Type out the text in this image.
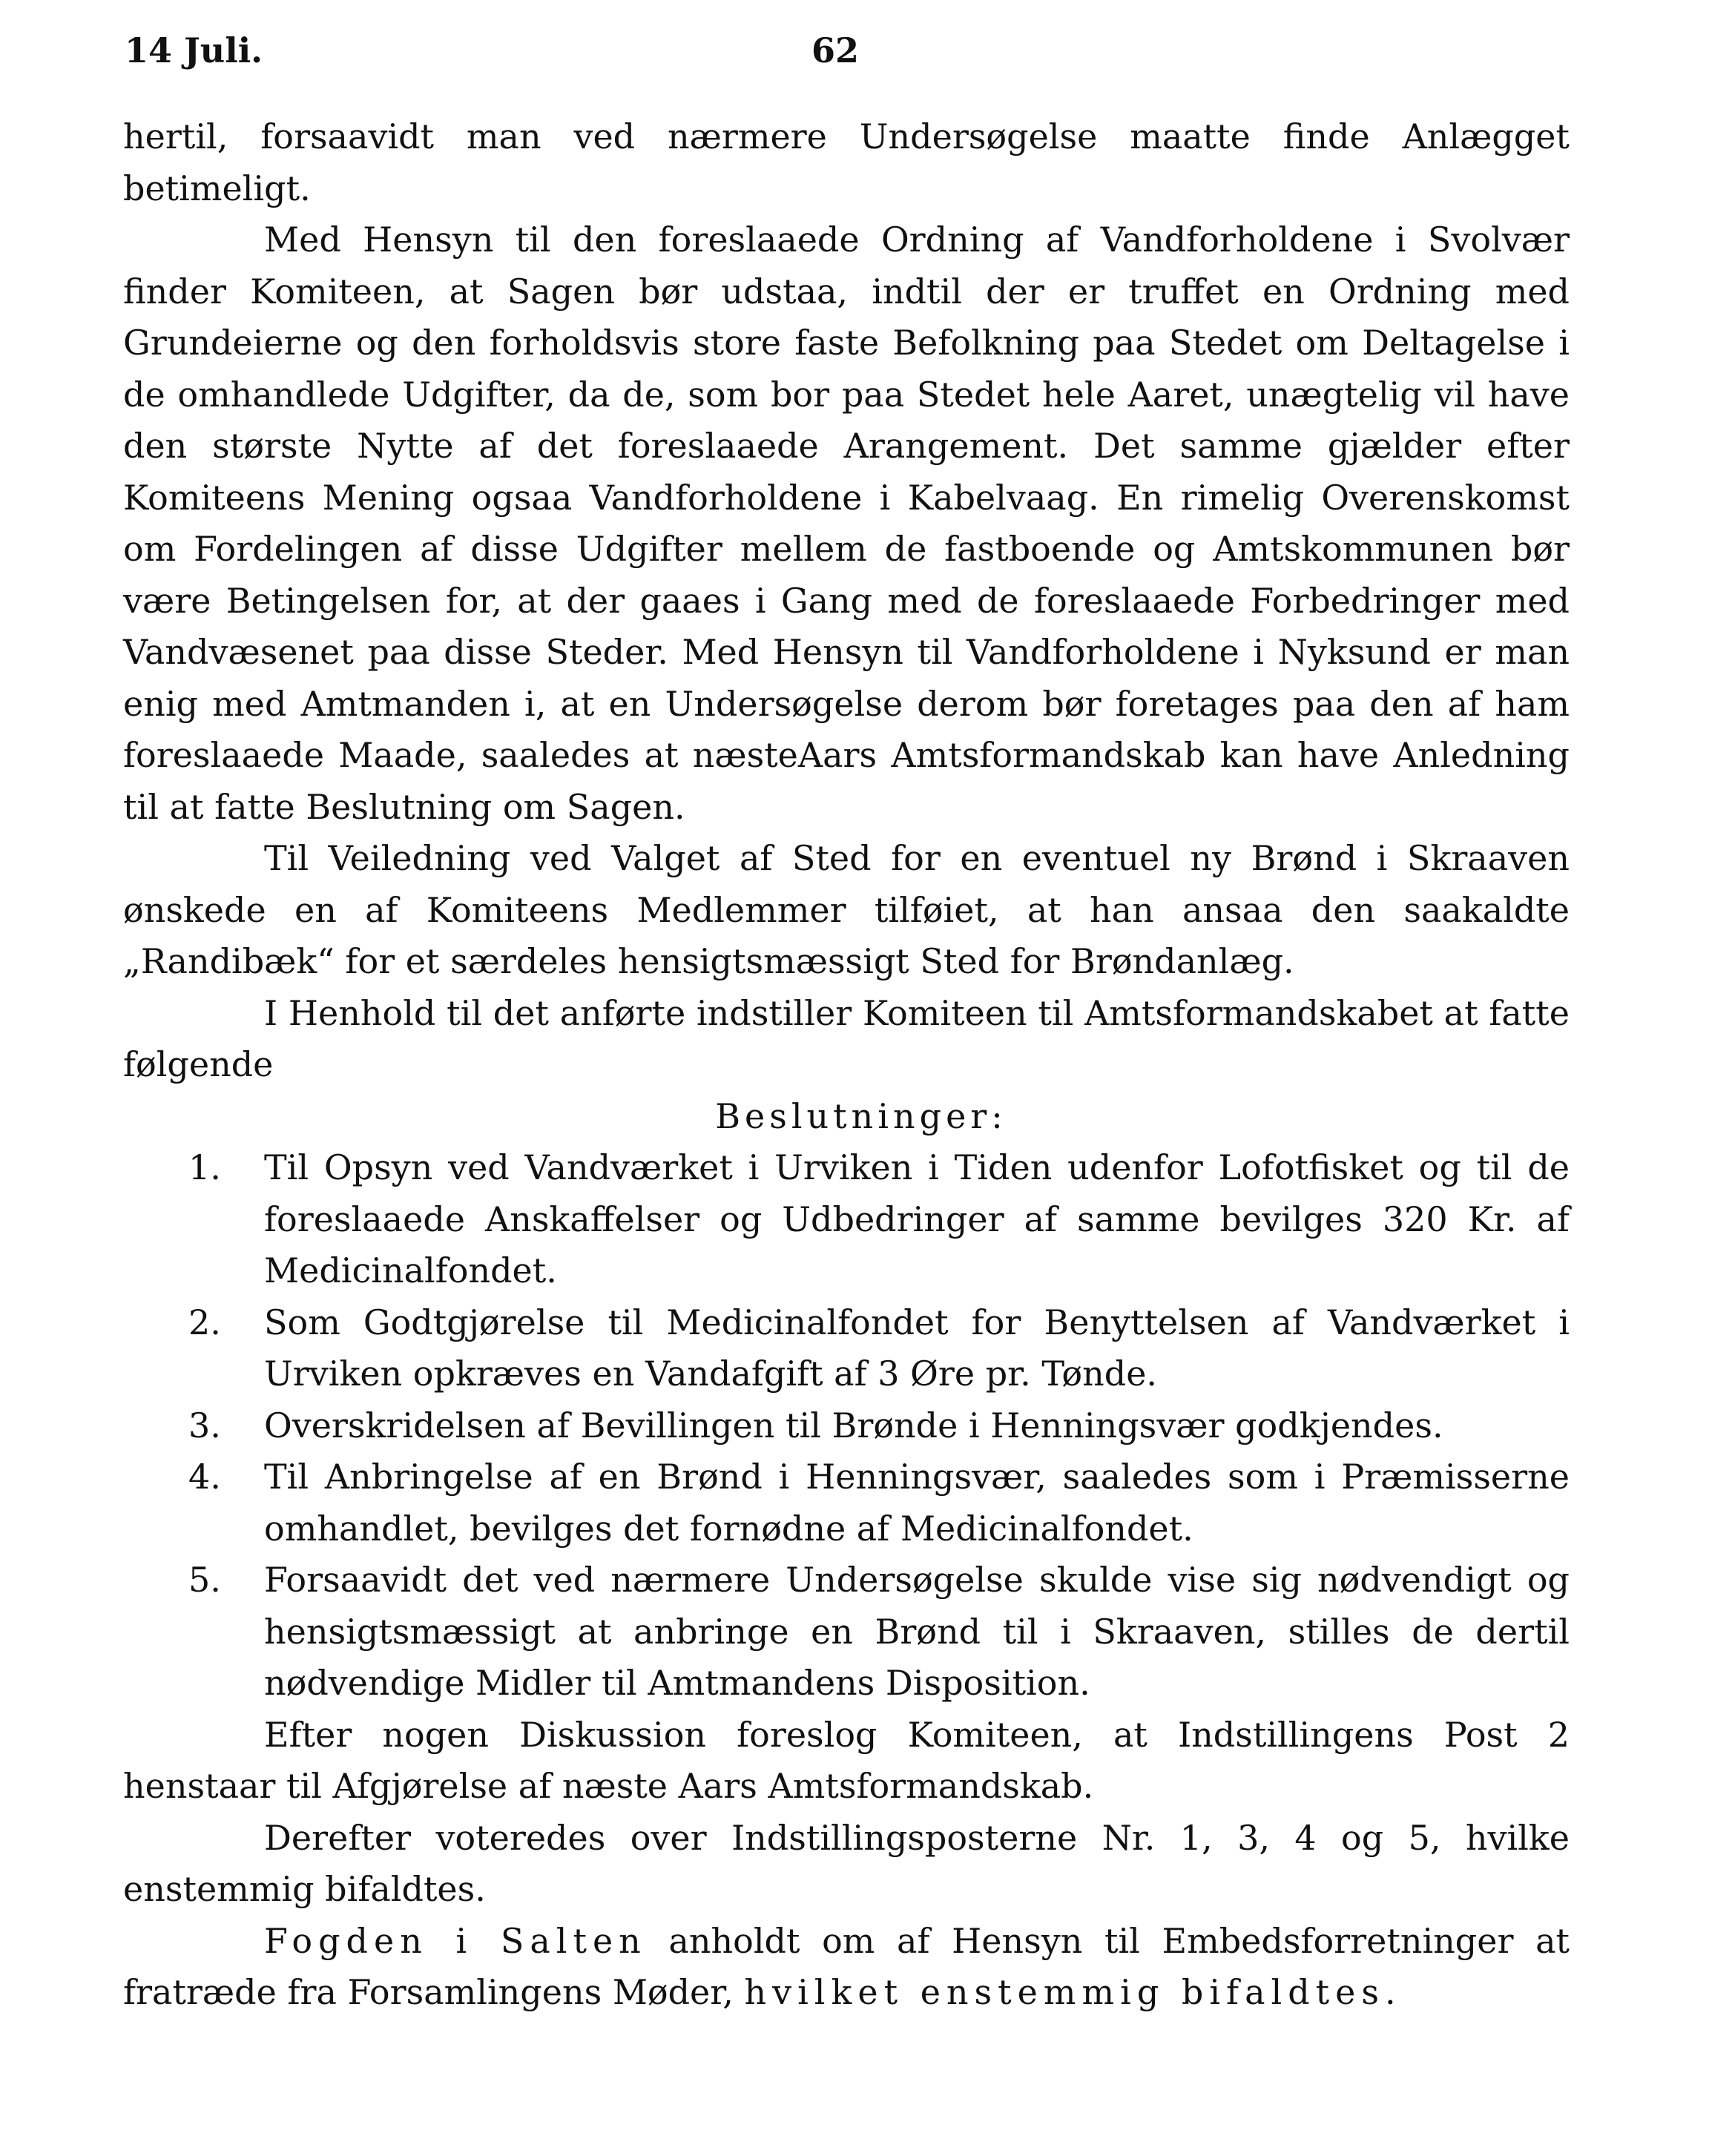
14 Juli.	62

hertil, forsaavidt man ved nærmere Undersøgelse maatte finde Anlægget betimeligt.

Med Hensyn til den foreslaaede Ordning af Vandforholdene i Svolvær finder Komiteen, at Sagen bør udstaa, indtil der er truffet en Ordning med Grundeierne og den forholdsvis store faste Befolkning paa Stedet om Deltagelse i de omhandlede Udgifter, da de, som bor paa Stedet hele Aaret, unægtelig vil have den største Nytte af det foreslaaede Arangement. Det samme gjælder efter Komiteens Mening ogsaa Vandforholdene i Kabelvaag. En rimelig Overenskomst om Fordelingen af disse Udgifter mellem de fastboende og Amtskommunen bør være Betingelsen for, at der gaaes i Gang med de foreslaaede Forbedringer med Vandvæsenet paa disse Steder. Med Hensyn til Vandforholdene i Nyksund er man enig med Amtmanden i, at en Undersøgelse derom bør foretages paa den af ham foreslaaede Maade, saaledes at næsteAars Amtsformandskab kan have Anledning til at fatte Beslutning om Sagen.

Til Veiledning ved Valget af Sted for en eventuel ny Brønd i Skraaven ønskede en af Komiteens Medlemmer tilføiet, at han ansaa den saakaldte „Randibæk“ for et særdeles hensigtsmæssigt Sted for Brøndanlæg.

I Henhold til det anførte indstiller Komiteen til Amtsformandskabet at fatte følgende

Beslutninger:

1. Til Opsyn ved Vandværket i Urviken i Tiden udenfor Lofotfisket og til de foreslaaede Anskaffelser og Udbedringer af samme bevilges 320 Kr. af Medicinalfondet.
2. Som Godtgjørelse til Medicinalfondet for Benyttelsen af Vandværket i Urviken opkræves en Vandafgift af 3 Øre pr. Tønde.
3. Overskridelsen af Bevillingen til Brønde i Henningsvær godkjendes.
4. Til Anbringelse af en Brønd i Henningsvær, saaledes som i Præmisserne omhandlet, bevilges det fornødne af Medicinalfondet.
5. Forsaavidt det ved nærmere Undersøgelse skulde vise sig nødvendigt og hensigtsmæssigt at anbringe en Brønd til i Skraaven, stilles de dertil nødvendige Midler til Amtmandens Disposition.

Efter nogen Diskussion foreslog Komiteen, at Indstillingens Post 2 henstaar til Afgjørelse af næste Aars Amtsformandskab.

Derefter voteredes over Indstillingsposterne Nr. 1, 3, 4 og 5, hvilke enstemmig bifaldtes.

Fogden i Salten anholdt om af Hensyn til Embedsforretninger at fratræde fra Forsamlingens Møder, hvilket enstemmig bifaldtes.
